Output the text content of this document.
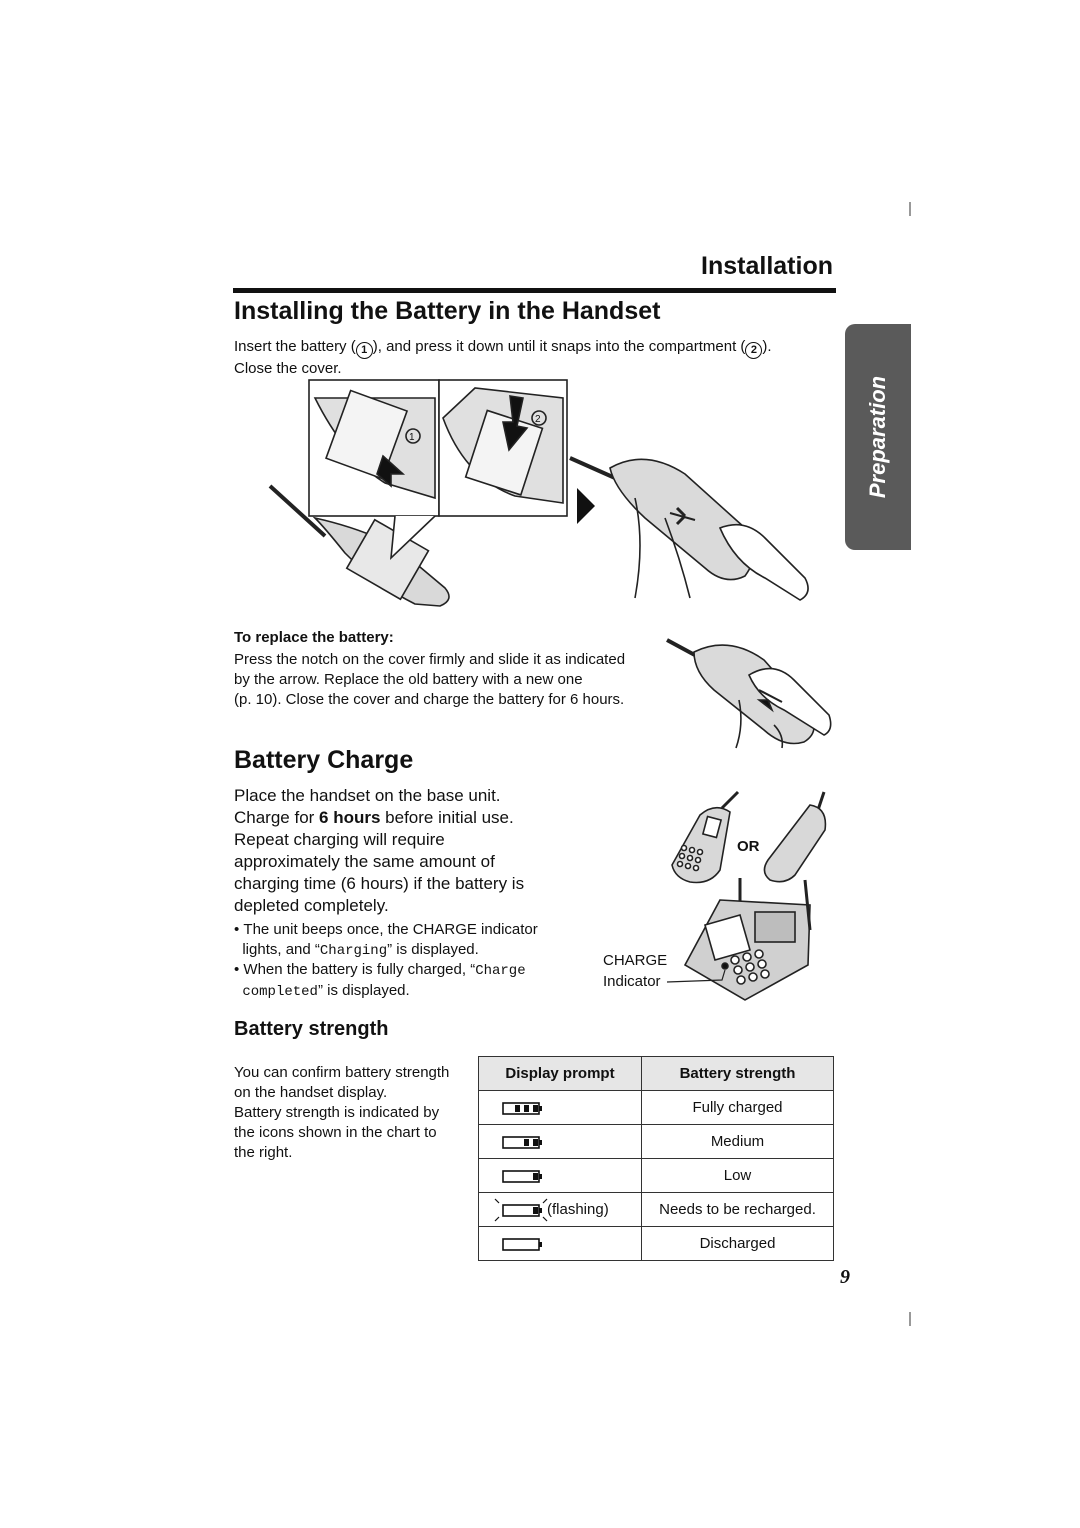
Installation
Installing the Battery in the Handset
Insert the battery ( 1 ), and press it down until it snaps into the compartment ( 2 ).
Close the cover.
Preparation
1
2
To replace the battery:
Press the notch on the cover firmly and slide it as indicated
by the arrow. Replace the old battery with a new one
(p. 10). Close the cover and charge the battery for 6 hours.
Battery Charge
Place the handset on the base unit.
Charge for 6 hours before initial use.
Repeat charging will require
approximately the same amount of
charging time (6 hours) if the battery is
depleted completely.
• The unit beeps once, the CHARGE indicator
lights, and “Charging” is displayed.
• When the battery is fully charged, “Charge
completed” is displayed.
OR
CHARGE
Indicator
Battery strength
You can confirm battery strength
on the handset display.
Battery strength is indicated by
the icons shown in the chart to
the right.
Display prompt	Battery strength

	Fully charged

	Medium

	Low

(flashing)	Needs to be recharged.

	Discharged
9
